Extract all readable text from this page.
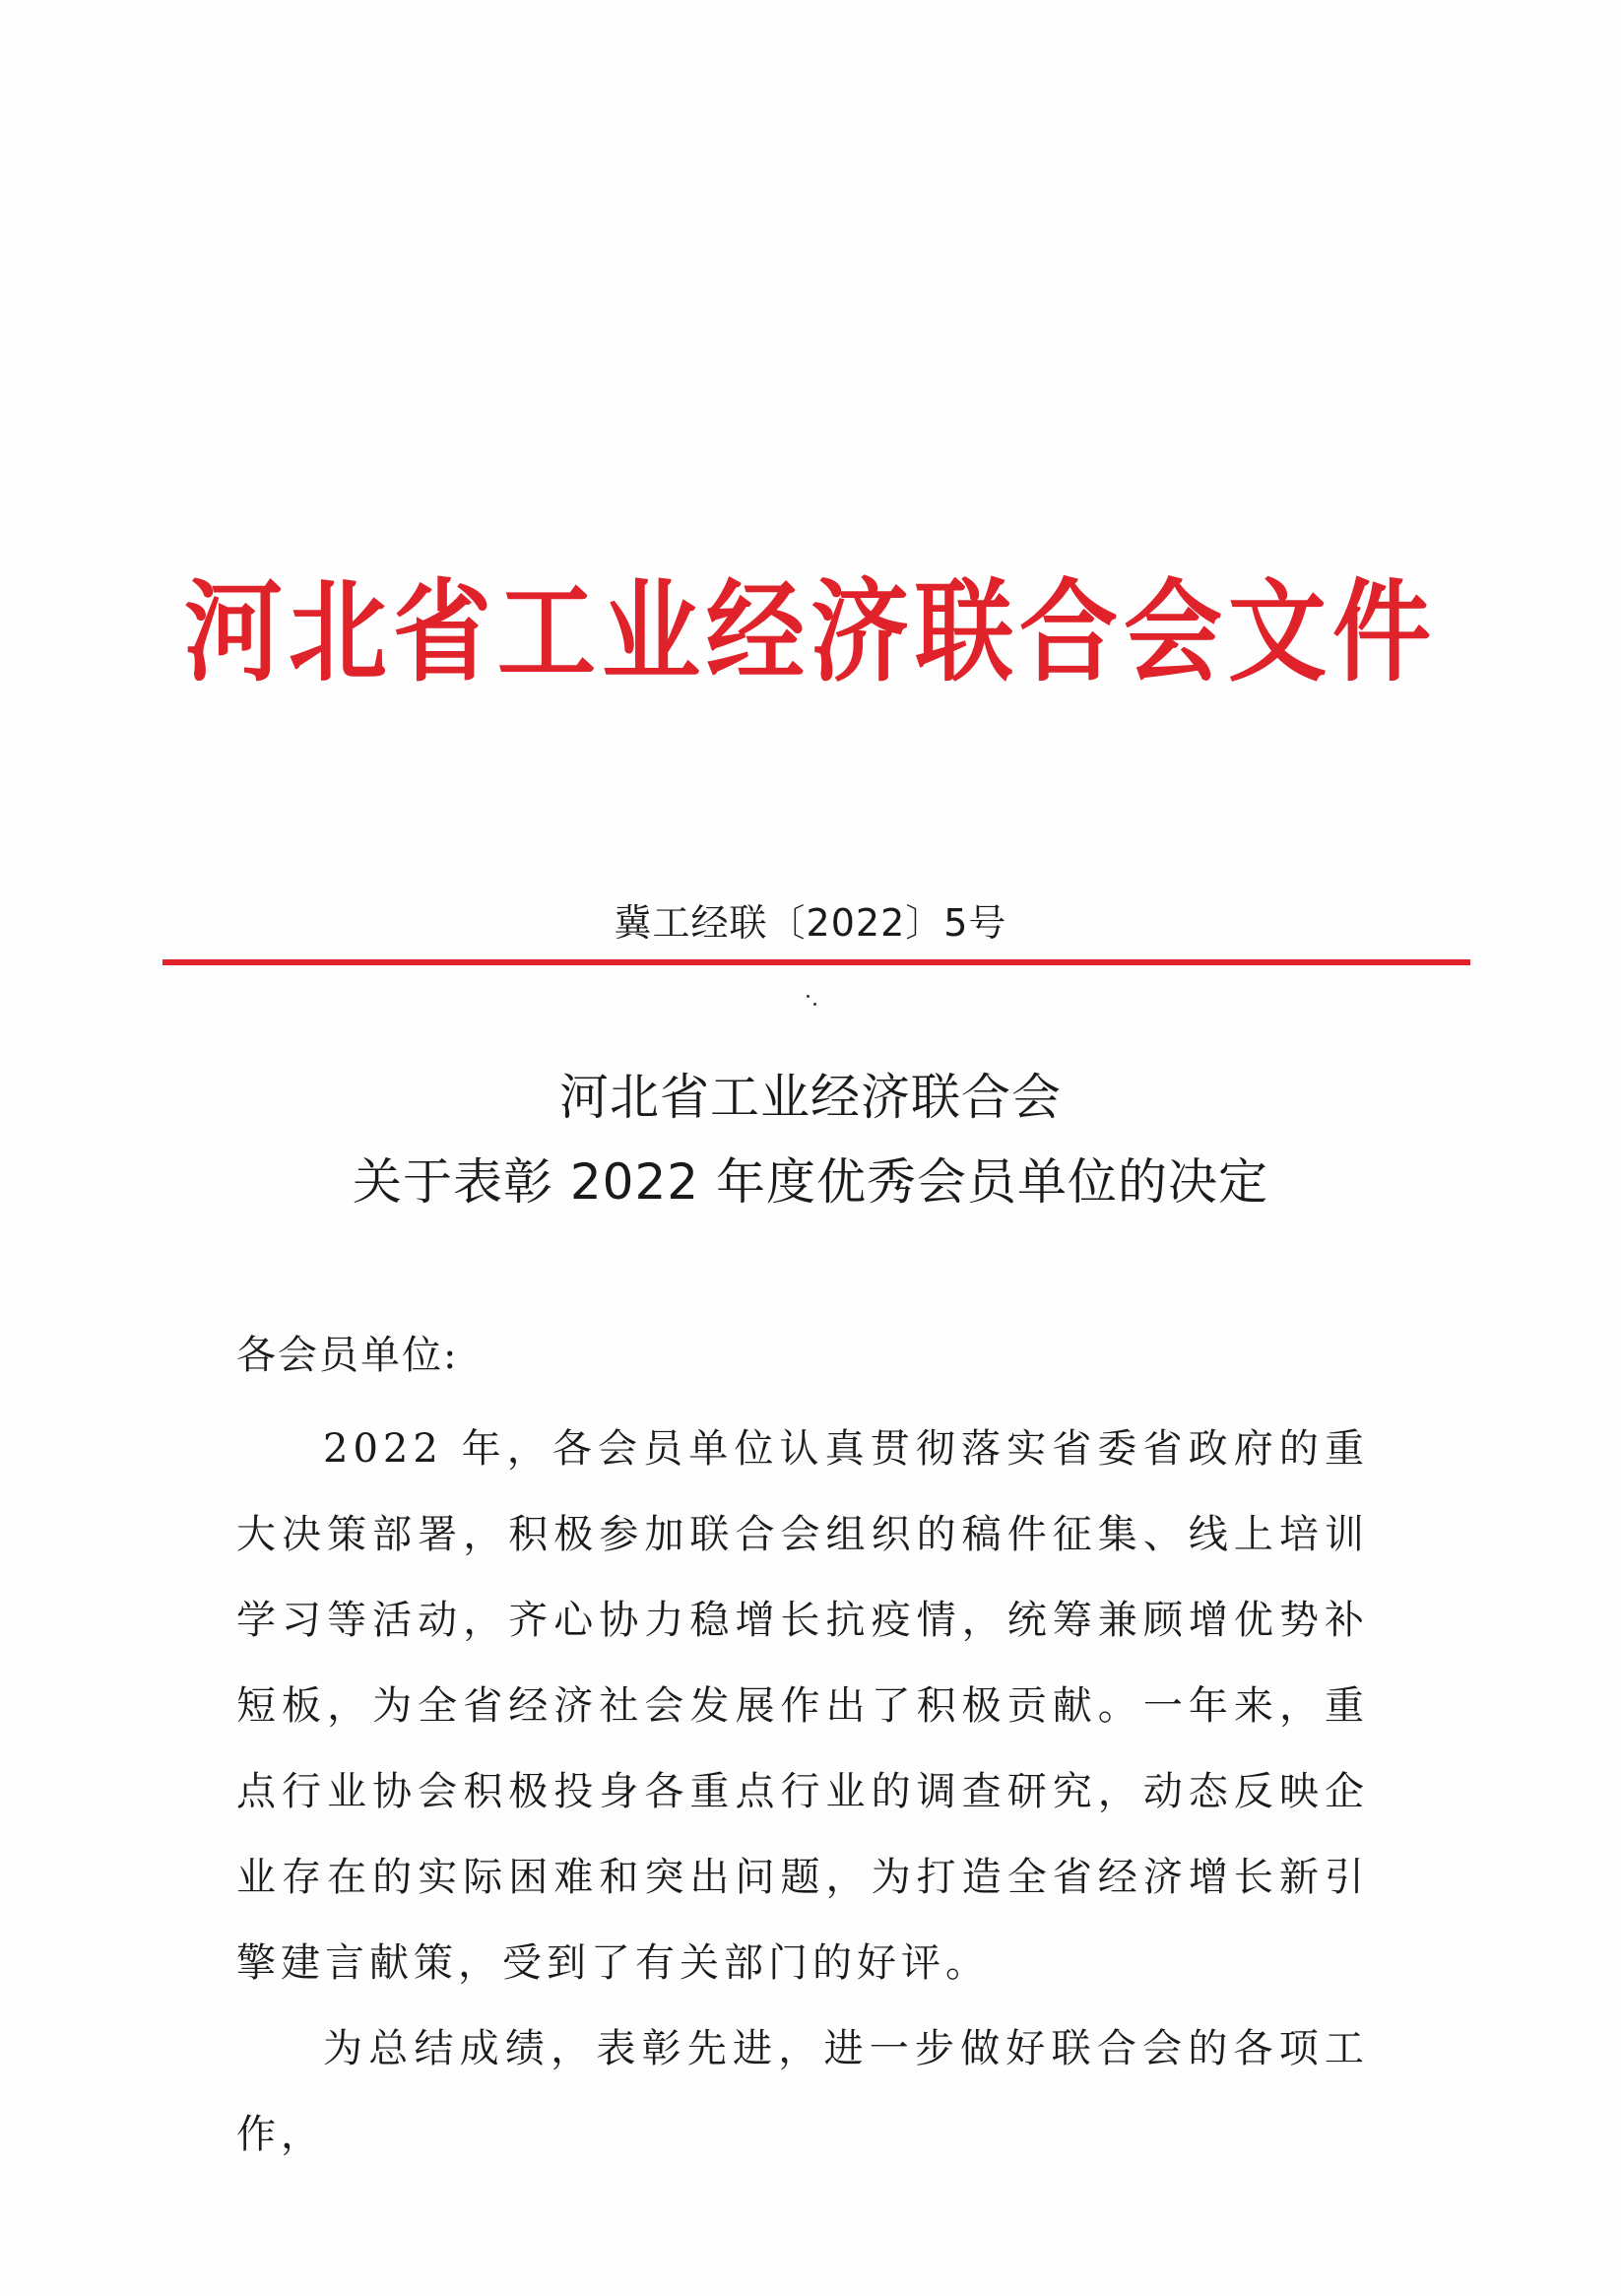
河北省工业经济联合会文件
冀工经联〔2022〕5号
河北省工业经济联合会
关于表彰 2022 年度优秀会员单位的决定
各会员单位:
2022 年，各会员单位认真贯彻落实省委省政府的重大决策部署，积极参加联合会组织的稿件征集、线上培训学习等活动，齐心协力稳增长抗疫情，统筹兼顾增优势补短板，为全省经济社会发展作出了积极贡献。一年来，重点行业协会积极投身各重点行业的调查研究，动态反映企业存在的实际困难和突出问题，为打造全省经济增长新引擎建言献策，受到了有关部门的好评。
为总结成绩，表彰先进，进一步做好联合会的各项工作，
